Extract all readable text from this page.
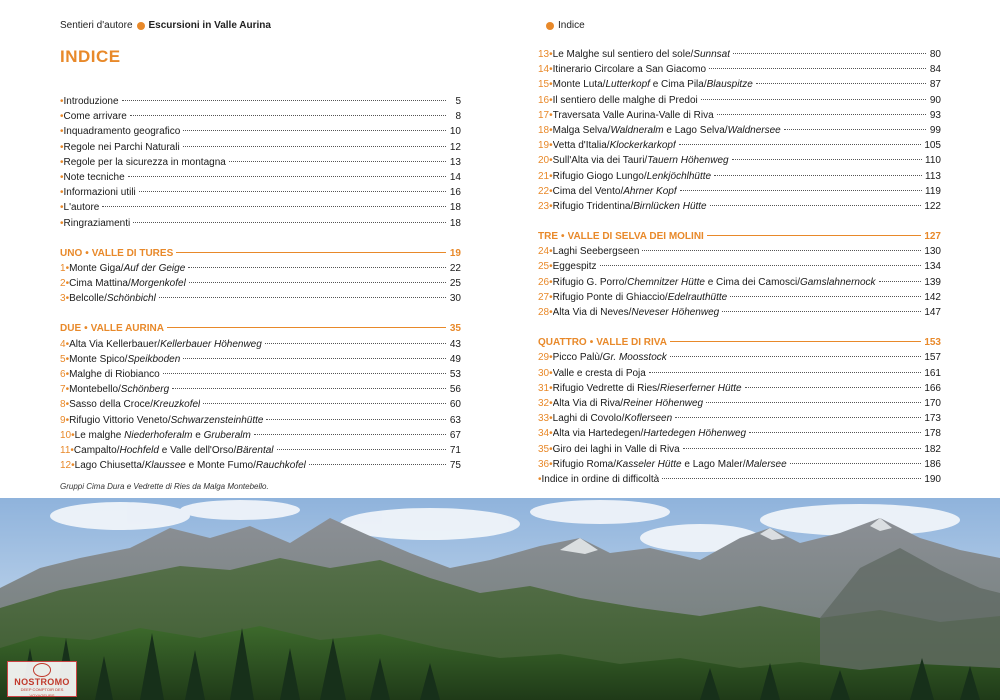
Sentieri d'autore Escursioni in Valle Aurina
INDICE
• Introduzione	5
• Come arrivare	8
• Inquadramento geografico	10
• Regole nei Parchi Naturali	12
• Regole per la sicurezza in montagna	13
• Note tecniche	14
• Informazioni utili	16
• L'autore	18
• Ringraziamenti	18
UNO • VALLE DI TURES	19
1 • Monte Giga/Auf der Geige	22
2 • Cima Mattina/Morgenkofel	25
3 • Belcolle/Schönbichl	30
DUE • VALLE AURINA	35
4 • Alta Via Kellerbauer/Kellerbauer Höhenweg	43
5 • Monte Spico/Speikboden	49
6 • Malghe di Riobianco	53
7 • Montebello/Schönberg	56
8 • Sasso della Croce/Kreuzkofel	60
9 • Rifugio Vittorio Veneto/Schwarzensteinhütte	63
10 • Le malghe Niederhoferalm e Gruberalm	67
11 • Campalto/Hochfeld e Valle dell'Orso/Bärental	71
12 • Lago Chiusetta/Klaussee e Monte Fumo/Rauchkofel	75

Gruppi Cima Dura e Vedrette di Ries da Malga Montebello.

Indice
13 • Le Malghe sul sentiero del sole/Sunnsat	80
14 • Itinerario Circolare a San Giacomo	84
15 • Monte Luta/Lutterkopf e Cima Pila/Blauspitze	87
16 • Il sentiero delle malghe di Predoi	90
17 • Traversata Valle Aurina-Valle di Riva	93
18 • Malga Selva/Waldneralm e Lago Selva/Waldnersee	99
19 • Vetta d'Italia/Klockerkarkopf	105
20 • Sull'Alta via dei Tauri/Tauern Höhenweg	110
21 • Rifugio Giogo Lungo/Lenkjöchlhütte	113
22 • Cima del Vento/Ahrner Kopf	119
23 • Rifugio Tridentina/Birnlücken Hütte	122
TRE • VALLE DI SELVA DEI MOLINI	127
24 • Laghi Seebergseen	130
25 • Eggespitz	134
26 • Rifugio G. Porro/Chemnitzer Hütte e Cima dei Camosci/Gamslahnernock	139
27 • Rifugio Ponte di Ghiaccio/Edelrauthütte	142
28 • Alta Via di Neves/Neveser Höhenweg	147
QUATTRO • VALLE DI RIVA	153
29 • Picco Palù/Gr. Moosstock	157
30 • Valle e cresta di Poja	161
31 • Rifugio Vedrette di Ries/Rieserferner Hütte	166
32 • Alta Via di Riva/Reiner Höhenweg	170
33 • Laghi di Covolo/Koflerseen	173
34 • Alta via Hartedegen/Hartedegen Höhenweg	178
35 • Giro dei laghi in Valle di Riva	182
36 • Rifugio Roma/Kasseler Hütte e Lago Maler/Malersee	186
• Indice in ordine di difficoltà	190
NOSTROMO
DEEP COMPTOIR DES VOYAGEURS
